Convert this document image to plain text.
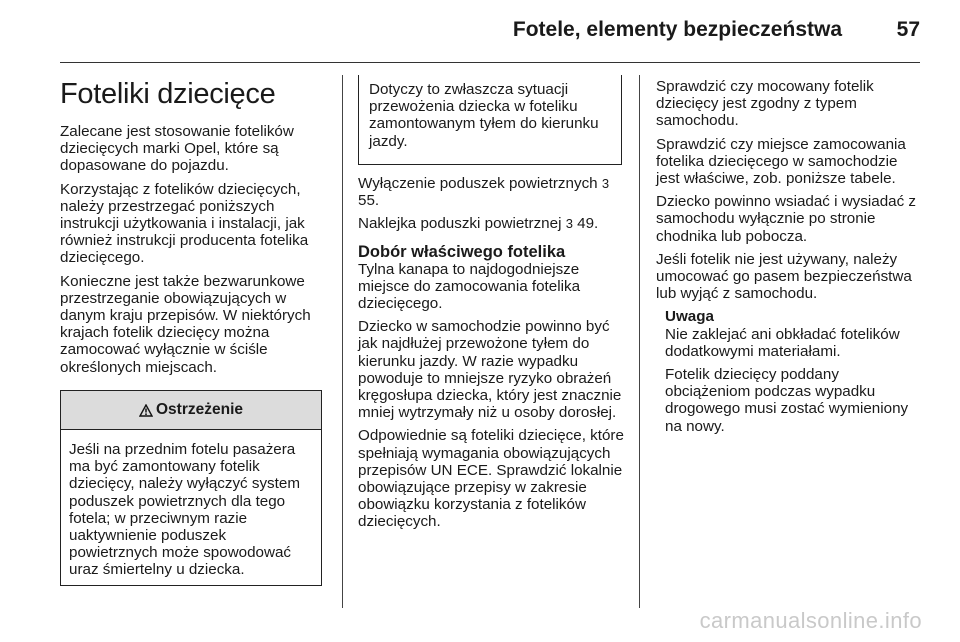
Fotele, elementy bezpieczeństwa	57
Foteliki dziecięce

Zalecane jest stosowanie fotelików dziecięcych marki Opel, które są dopasowane do pojazdu.

Korzystając z fotelików dziecięcych, należy przestrzegać poniższych instrukcji użytkowania i instalacji, jak również instrukcji producenta fotelika dziecięcego.

Konieczne jest także bezwarunkowe przestrzeganie obowiązujących w danym kraju przepisów. W niektórych krajach fotelik dziecięcy można zamocować wyłącznie w ściśle określonych miejscach.

Ostrzeżenie

Jeśli na przednim fotelu pasażera ma być zamontowany fotelik dziecięcy, należy wyłączyć system poduszek powietrznych dla tego fotela; w przeciwnym razie uaktywnienie poduszek powietrznych może spowodować uraz śmiertelny u dziecka.

Dotyczy to zwłaszcza sytuacji przewożenia dziecka w foteliku zamontowanym tyłem do kierunku jazdy.

Wyłączenie poduszek powietrznych 3 55.

Naklejka poduszki powietrznej 3 49.

Dobór właściwego fotelika

Tylna kanapa to najdogodniejsze miejsce do zamocowania fotelika dziecięcego.

Dziecko w samochodzie powinno być jak najdłużej przewożone tyłem do kierunku jazdy. W razie wypadku powoduje to mniejsze ryzyko obrażeń kręgosłupa dziecka, który jest znacznie mniej wytrzymały niż u osoby dorosłej.

Odpowiednie są foteliki dziecięce, które spełniają wymagania obowiązujących przepisów UN ECE. Sprawdzić lokalnie obowiązujące przepisy w zakresie obowiązku korzystania z fotelików dziecięcych.

Sprawdzić czy mocowany fotelik dziecięcy jest zgodny z typem samochodu.

Sprawdzić czy miejsce zamocowania fotelika dziecięcego w samochodzie jest właściwe, zob. poniższe tabele.

Dziecko powinno wsiadać i wysiadać z samochodu wyłącznie po stronie chodnika lub pobocza.

Jeśli fotelik nie jest używany, należy umocować go pasem bezpieczeństwa lub wyjąć z samochodu.

Uwaga

Nie zaklejać ani obkładać fotelików dodatkowymi materiałami.

Fotelik dziecięcy poddany obciążeniom podczas wypadku drogowego musi zostać wymieniony na nowy.

carmanualsonline.info
